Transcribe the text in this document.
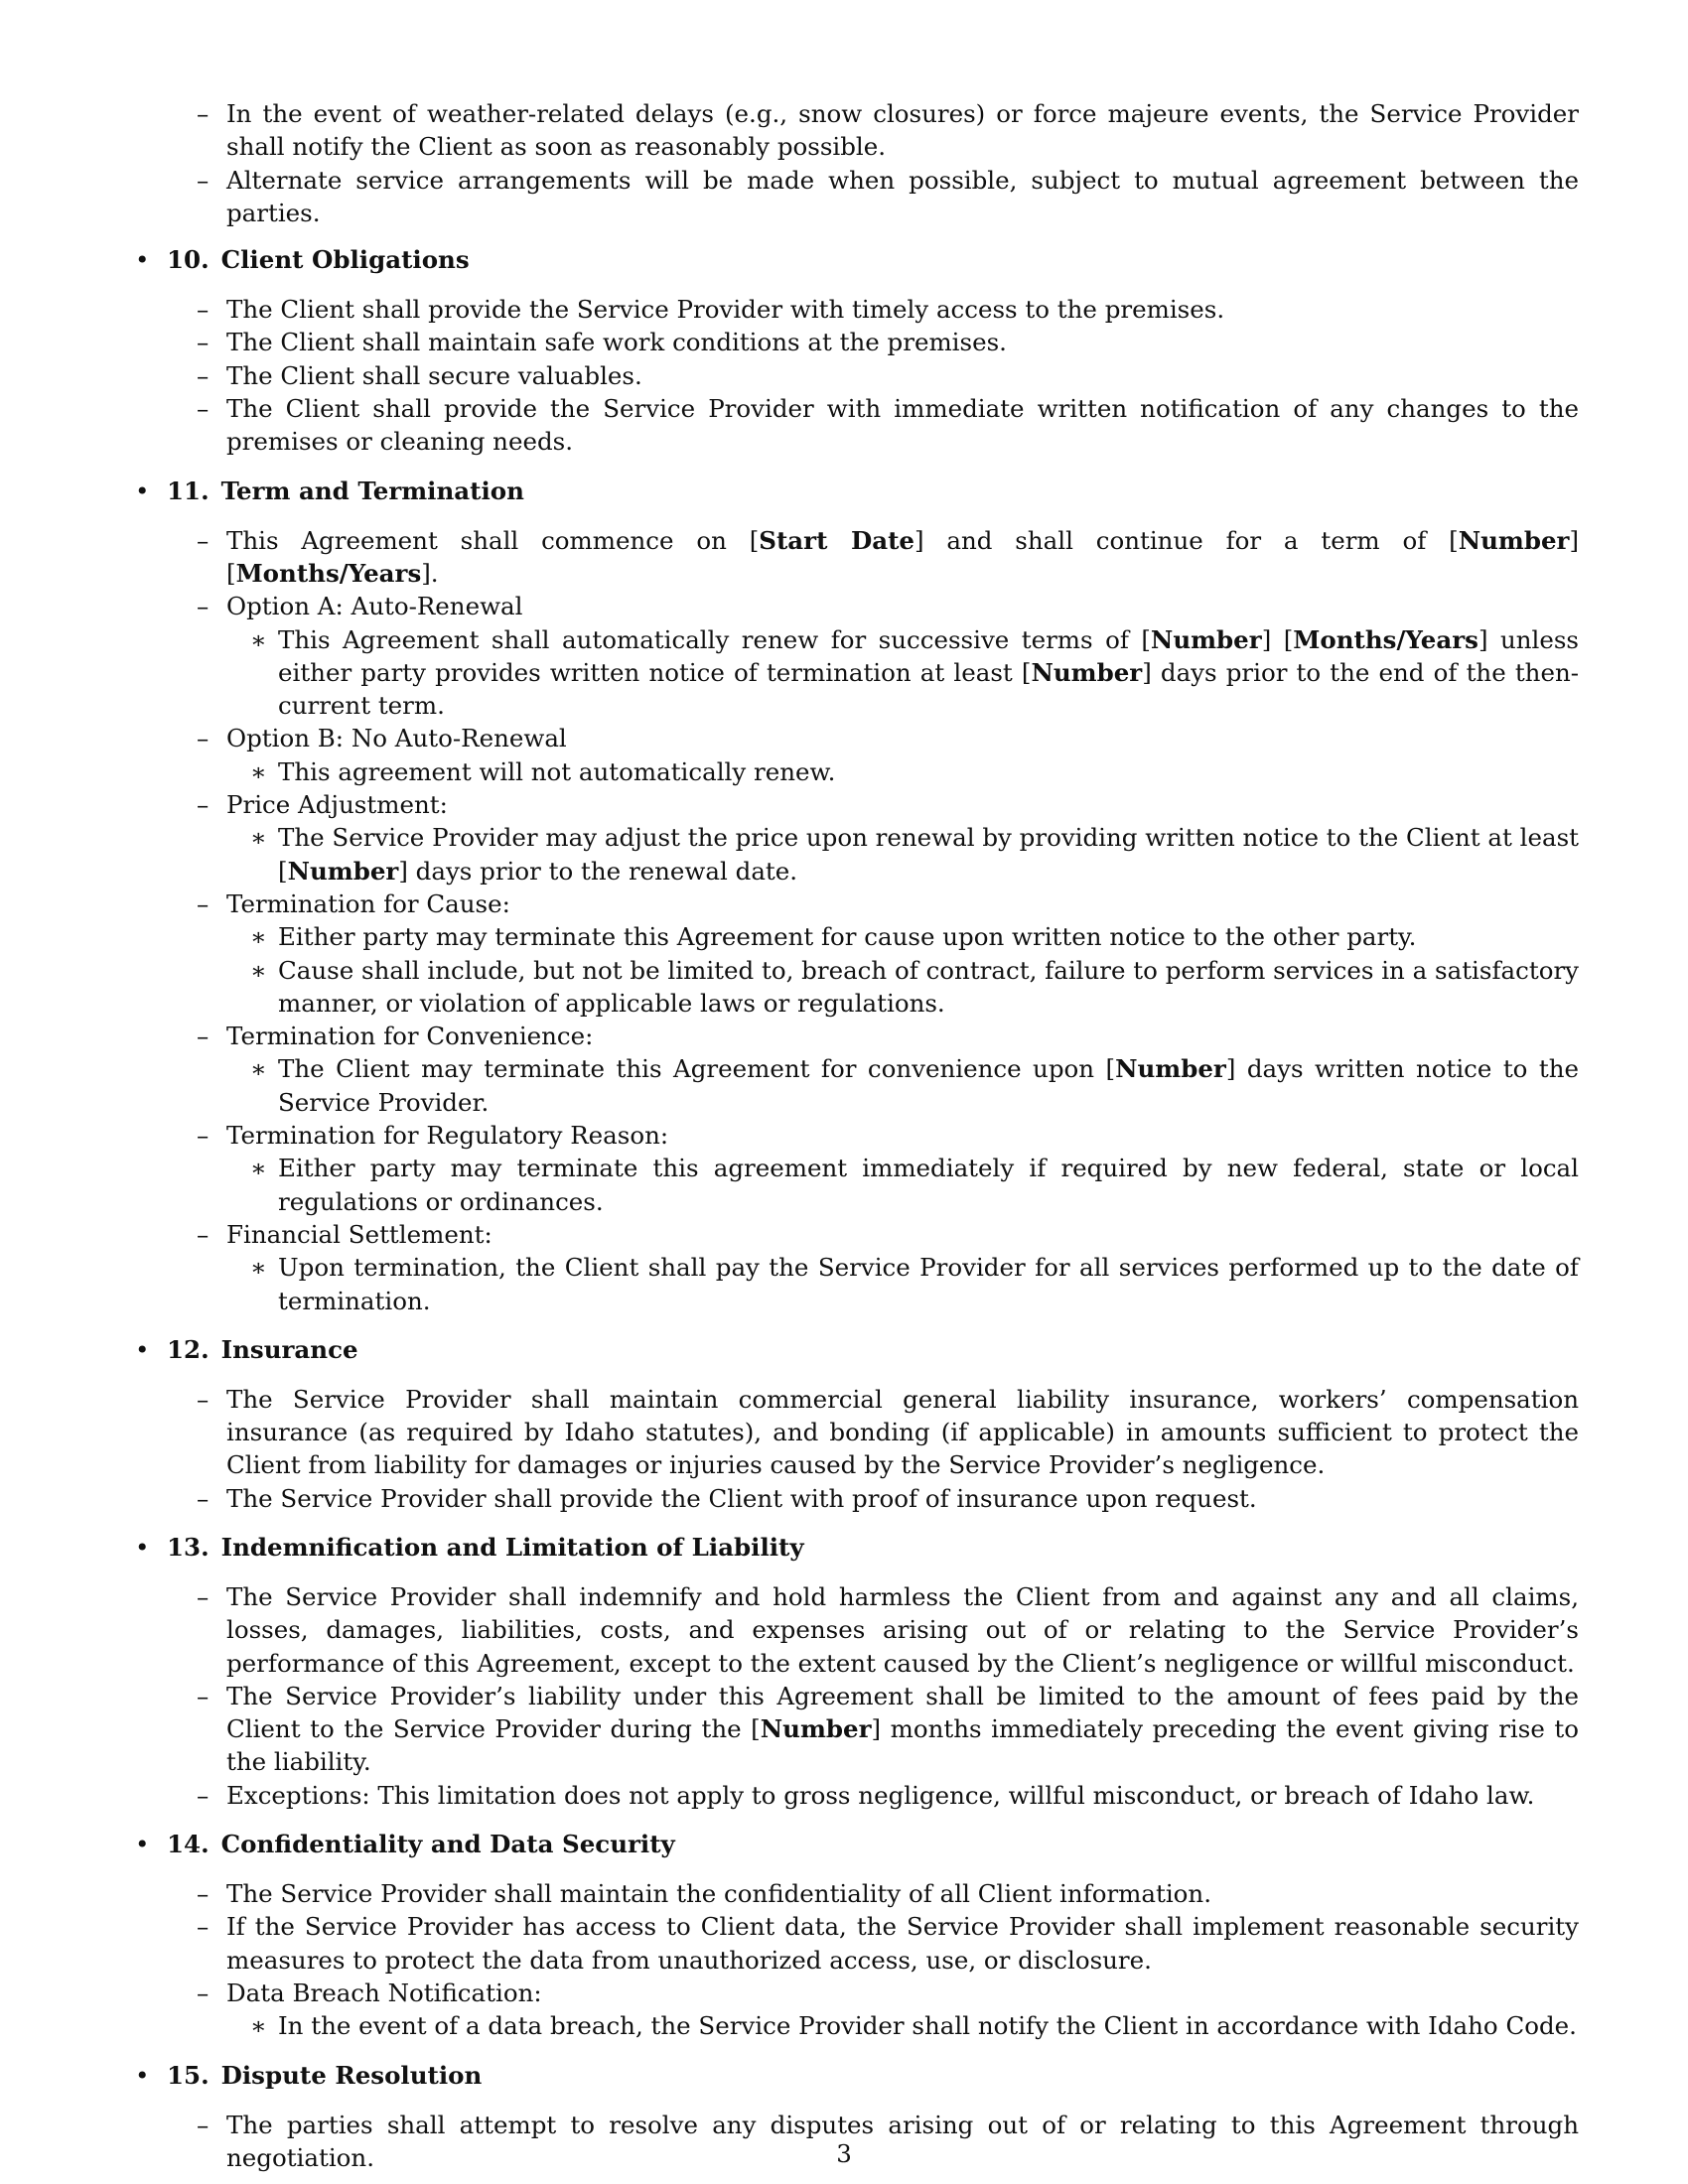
– In the event of weather-related delays (e.g., snow closures) or force majeure events, the Service Provider shall notify the Client as soon as reasonably possible.
– Alternate service arrangements will be made when possible, subject to mutual agreement between the parties.
• 10. Client Obligations
– The Client shall provide the Service Provider with timely access to the premises.
– The Client shall maintain safe work conditions at the premises.
– The Client shall secure valuables.
– The Client shall provide the Service Provider with immediate written notification of any changes to the premises or cleaning needs.
• 11. Term and Termination
– This Agreement shall commence on [Start Date] and shall continue for a term of [Number] [Months/Years].
– Option A: Auto-Renewal
∗ This Agreement shall automatically renew for successive terms of [Number] [Months/Years] unless either party provides written notice of termination at least [Number] days prior to the end of the then-current term.
– Option B: No Auto-Renewal
∗ This agreement will not automatically renew.
– Price Adjustment:
∗ The Service Provider may adjust the price upon renewal by providing written notice to the Client at least [Number] days prior to the renewal date.
– Termination for Cause:
∗ Either party may terminate this Agreement for cause upon written notice to the other party.
∗ Cause shall include, but not be limited to, breach of contract, failure to perform services in a satisfactory manner, or violation of applicable laws or regulations.
– Termination for Convenience:
∗ The Client may terminate this Agreement for convenience upon [Number] days written notice to the Service Provider.
– Termination for Regulatory Reason:
∗ Either party may terminate this agreement immediately if required by new federal, state or local regulations or ordinances.
– Financial Settlement:
∗ Upon termination, the Client shall pay the Service Provider for all services performed up to the date of termination.
• 12. Insurance
– The Service Provider shall maintain commercial general liability insurance, workers’ compensation insurance (as required by Idaho statutes), and bonding (if applicable) in amounts sufficient to protect the Client from liability for damages or injuries caused by the Service Provider’s negligence.
– The Service Provider shall provide the Client with proof of insurance upon request.
• 13. Indemnification and Limitation of Liability
– The Service Provider shall indemnify and hold harmless the Client from and against any and all claims, losses, damages, liabilities, costs, and expenses arising out of or relating to the Service Provider’s performance of this Agreement, except to the extent caused by the Client’s negligence or willful misconduct.
– The Service Provider’s liability under this Agreement shall be limited to the amount of fees paid by the Client to the Service Provider during the [Number] months immediately preceding the event giving rise to the liability.
– Exceptions: This limitation does not apply to gross negligence, willful misconduct, or breach of Idaho law.
• 14. Confidentiality and Data Security
– The Service Provider shall maintain the confidentiality of all Client information.
– If the Service Provider has access to Client data, the Service Provider shall implement reasonable security measures to protect the data from unauthorized access, use, or disclosure.
– Data Breach Notification:
∗ In the event of a data breach, the Service Provider shall notify the Client in accordance with Idaho Code.
• 15. Dispute Resolution
– The parties shall attempt to resolve any disputes arising out of or relating to this Agreement through negotiation.	3
